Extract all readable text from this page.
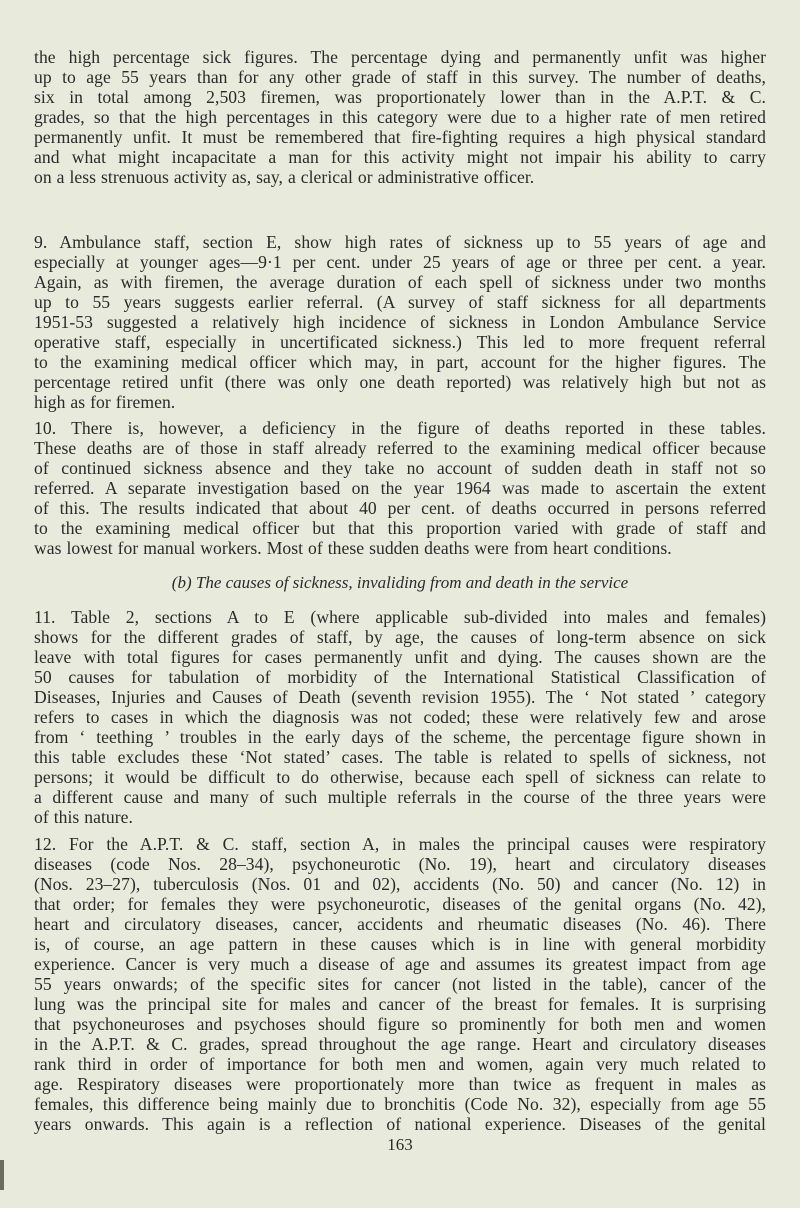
the high percentage sick figures. The percentage dying and permanently unfit was higher
up to age 55 years than for any other grade of staff in this survey. The number of deaths,
six in total among 2,503 firemen, was proportionately lower than in the A.P.T. & C.
grades, so that the high percentages in this category were due to a higher rate of men retired
permanently unfit. It must be remembered that fire-fighting requires a high physical standard
and what might incapacitate a man for this activity might not impair his ability to carry
on a less strenuous activity as, say, a clerical or administrative officer.
9. Ambulance staff, section E, show high rates of sickness up to 55 years of age and
especially at younger ages—9·1 per cent. under 25 years of age or three per cent. a year.
Again, as with firemen, the average duration of each spell of sickness under two months
up to 55 years suggests earlier referral. (A survey of staff sickness for all departments
1951-53 suggested a relatively high incidence of sickness in London Ambulance Service
operative staff, especially in uncertificated sickness.) This led to more frequent referral
to the examining medical officer which may, in part, account for the higher figures. The
percentage retired unfit (there was only one death reported) was relatively high but not as
high as for firemen.
10. There is, however, a deficiency in the figure of deaths reported in these tables.
These deaths are of those in staff already referred to the examining medical officer because
of continued sickness absence and they take no account of sudden death in staff not so
referred. A separate investigation based on the year 1964 was made to ascertain the extent
of this. The results indicated that about 40 per cent. of deaths occurred in persons referred
to the examining medical officer but that this proportion varied with grade of staff and
was lowest for manual workers. Most of these sudden deaths were from heart conditions.
(b) The causes of sickness, invaliding from and death in the service
11. Table 2, sections A to E (where applicable sub-divided into males and females)
shows for the different grades of staff, by age, the causes of long-term absence on sick
leave with total figures for cases permanently unfit and dying. The causes shown are the
50 causes for tabulation of morbidity of the International Statistical Classification of
Diseases, Injuries and Causes of Death (seventh revision 1955). The ‘ Not stated ’ category
refers to cases in which the diagnosis was not coded; these were relatively few and arose
from ‘ teething ’ troubles in the early days of the scheme, the percentage figure shown in
this table excludes these ‘Not stated’ cases. The table is related to spells of sickness, not
persons; it would be difficult to do otherwise, because each spell of sickness can relate to
a different cause and many of such multiple referrals in the course of the three years were
of this nature.
12. For the A.P.T. & C. staff, section A, in males the principal causes were respiratory
diseases (code Nos. 28–34), psychoneurotic (No. 19), heart and circulatory diseases
(Nos. 23–27), tuberculosis (Nos. 01 and 02), accidents (No. 50) and cancer (No. 12) in
that order; for females they were psychoneurotic, diseases of the genital organs (No. 42),
heart and circulatory diseases, cancer, accidents and rheumatic diseases (No. 46). There
is, of course, an age pattern in these causes which is in line with general morbidity
experience. Cancer is very much a disease of age and assumes its greatest impact from age
55 years onwards; of the specific sites for cancer (not listed in the table), cancer of the
lung was the principal site for males and cancer of the breast for females. It is surprising
that psychoneuroses and psychoses should figure so prominently for both men and women
in the A.P.T. & C. grades, spread throughout the age range. Heart and circulatory diseases
rank third in order of importance for both men and women, again very much related to
age. Respiratory diseases were proportionately more than twice as frequent in males as
females, this difference being mainly due to bronchitis (Code No. 32), especially from age 55
years onwards. This again is a reflection of national experience. Diseases of the genital
163
